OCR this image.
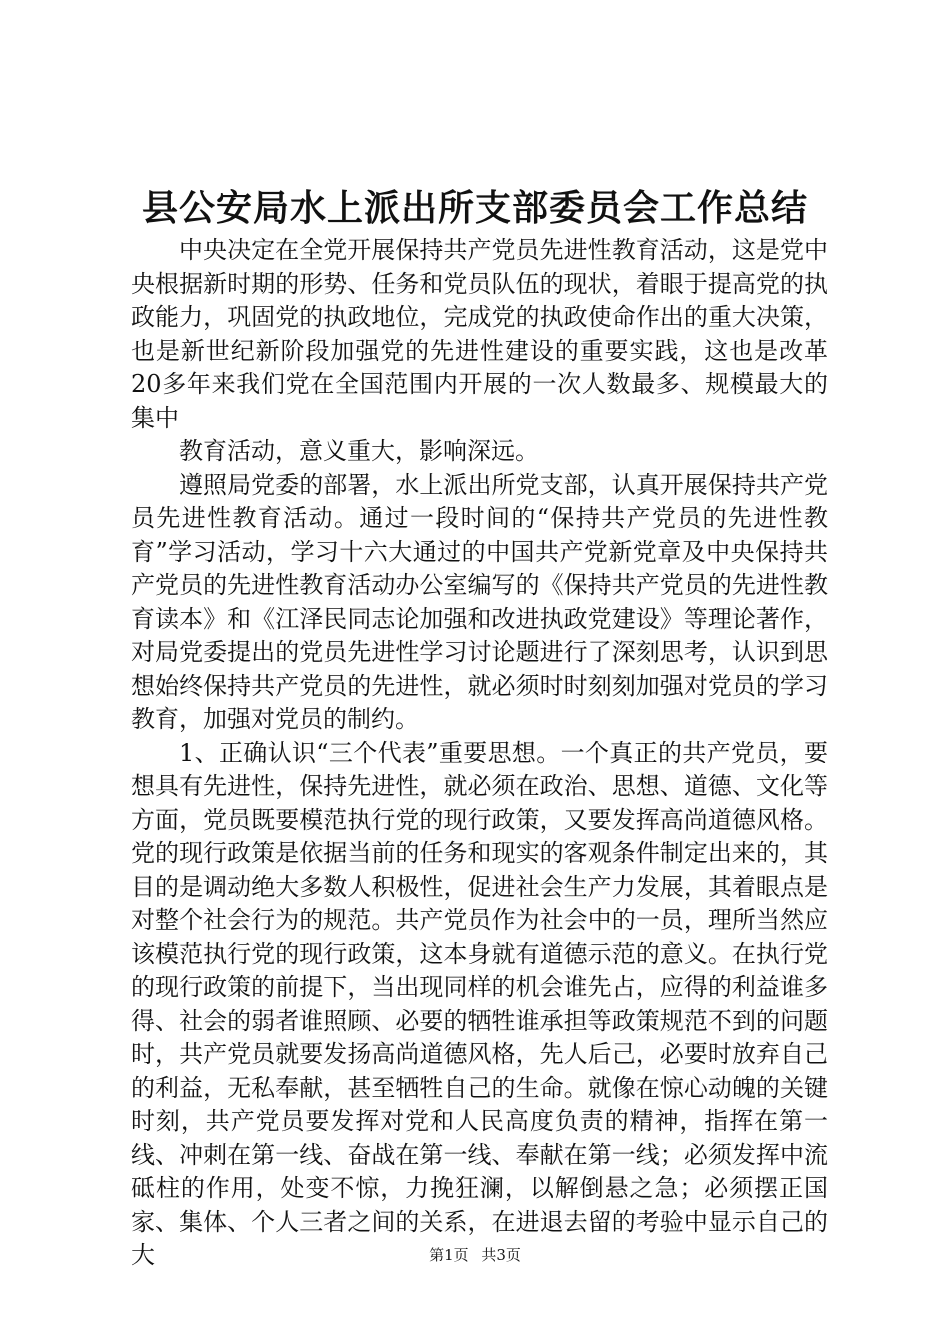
县公安局水上派出所支部委员会工作总结

中央决定在全党开展保持共产党员先进性教育活动，这是党中央根据新时期的形势、任务和党员队伍的现状，着眼于提高党的执政能力，巩固党的执政地位，完成党的执政使命作出的重大决策，也是新世纪新阶段加强党的先进性建设的重要实践，这也是改革20多年来我们党在全国范围内开展的一次人数最多、规模最大的集中

教育活动，意义重大，影响深远。

遵照局党委的部署，水上派出所党支部，认真开展保持共产党员先进性教育活动。通过一段时间的“保持共产党员的先进性教育”学习活动，学习十六大通过的中国共产党新党章及中央保持共产党员的先进性教育活动办公室编写的《保持共产党员的先进性教育读本》和《江泽民同志论加强和改进执政党建设》等理论著作，对局党委提出的党员先进性学习讨论题进行了深刻思考，认识到思想始终保持共产党员的先进性，就必须时时刻刻加强对党员的学习教育，加强对党员的制约。

1、正确认识“三个代表”重要思想。一个真正的共产党员，要想具有先进性，保持先进性，就必须在政治、思想、道德、文化等方面，党员既要模范执行党的现行政策，又要发挥高尚道德风格。党的现行政策是依据当前的任务和现实的客观条件制定出来的，其目的是调动绝大多数人积极性，促进社会生产力发展，其着眼点是对整个社会行为的规范。共产党员作为社会中的一员，理所当然应该模范执行党的现行政策，这本身就有道德示范的意义。在执行党的现行政策的前提下，当出现同样的机会谁先占，应得的利益谁多得、社会的弱者谁照顾、必要的牺牲谁承担等政策规范不到的问题时，共产党员就要发扬高尚道德风格，先人后己，必要时放弃自己的利益，无私奉献，甚至牺牲自己的生命。就像在惊心动魄的关键时刻，共产党员要发挥对党和人民高度负责的精神，指挥在第一线、冲刺在第一线、奋战在第一线、奉献在第一线；必须发挥中流砥柱的作用，处变不惊，力挽狂澜，以解倒悬之急；必须摆正国家、集体、个人三者之间的关系，在进退去留的考验中显示自己的大	第1页 共3页
